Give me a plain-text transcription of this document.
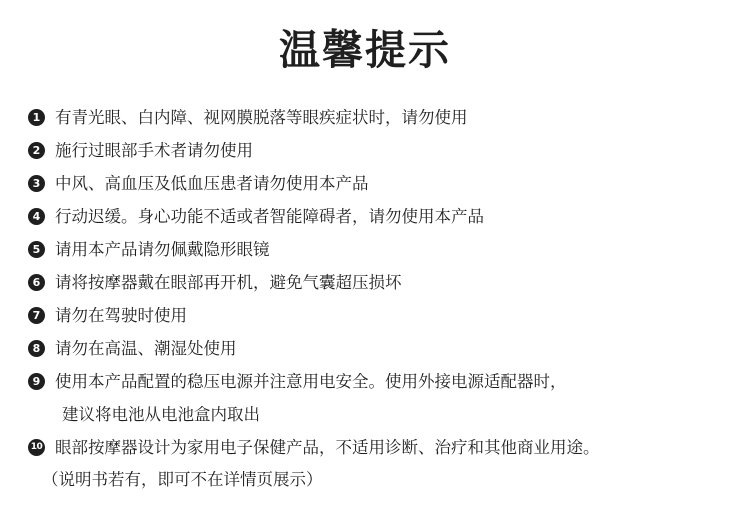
温馨提示
1 有青光眼、白内障、视网膜脱落等眼疾症状时，请勿使用
2 施行过眼部手术者请勿使用
3 中风、高血压及低血压患者请勿使用本产品
4 行动迟缓。身心功能不适或者智能障碍者，请勿使用本产品
5 请用本产品请勿佩戴隐形眼镜
6 请将按摩器戴在眼部再开机，避免气囊超压损坏
7 请勿在驾驶时使用
8 请勿在高温、潮湿处使用
9 使用本产品配置的稳压电源并注意用电安全。使用外接电源适配器时，
建议将电池从电池盒内取出
10 眼部按摩器设计为家用电子保健产品，不适用诊断、治疗和其他商业用途。
（说明书若有，即可不在详情页展示）
